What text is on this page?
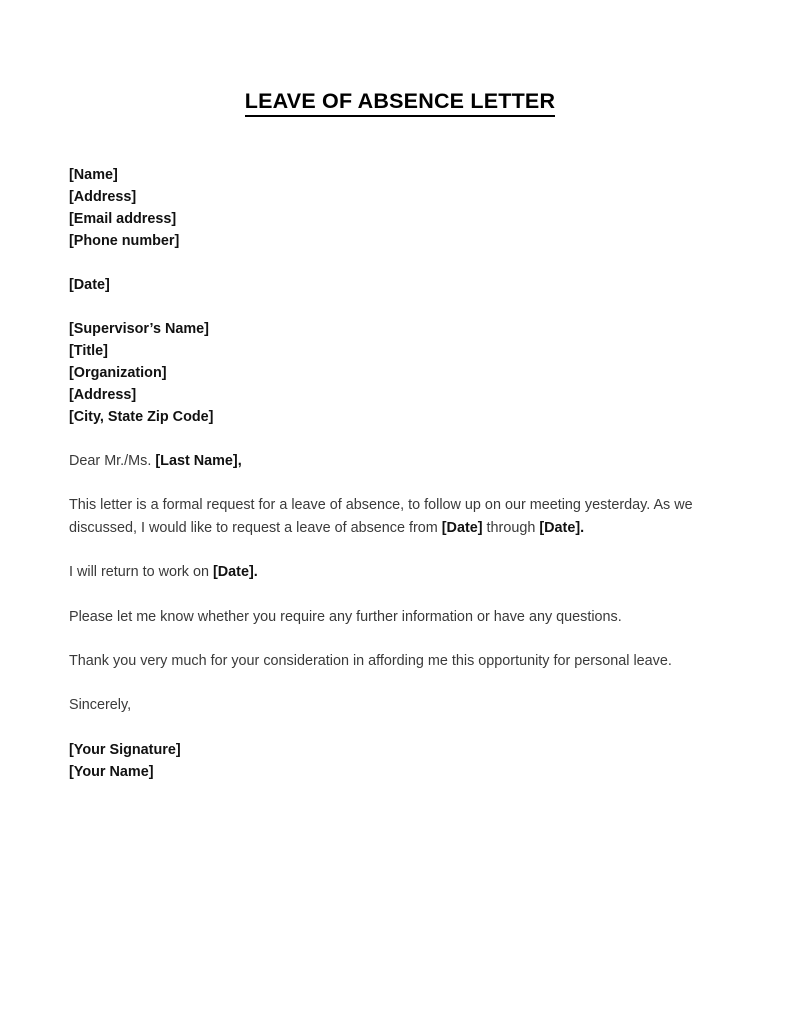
LEAVE OF ABSENCE LETTER
[Name]
[Address]
[Email address]
[Phone number]
[Date]
[Supervisor’s Name]
[Title]
[Organization]
[Address]
[City, State Zip Code]
Dear Mr./Ms. [Last Name],
This letter is a formal request for a leave of absence, to follow up on our meeting yesterday. As we discussed, I would like to request a leave of absence from [Date] through [Date].
I will return to work on [Date].
Please let me know whether you require any further information or have any questions.
Thank you very much for your consideration in affording me this opportunity for personal leave.
Sincerely,
[Your Signature]
[Your Name]
